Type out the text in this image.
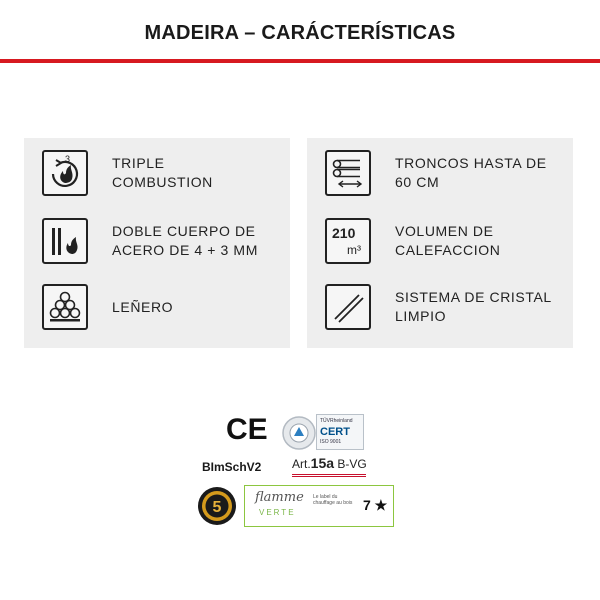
MADEIRA – CARÁCTERÍSTICAS
3	TRIPLE
COMBUSTION
DOBLE CUERPO DE
ACERO DE 4 + 3 MM
LEÑERO
TRONCOS HASTA DE
60 CM
210
m³
VOLUMEN DE
CALEFACCION
SISTEMA DE CRISTAL
LIMPIO
CE	TÜVRheinland
CERT
ISO 9001
BImSchV2	Art.15a B-VG
5
flamme
VERTE
Le label du chauffage au bois 7 ★
